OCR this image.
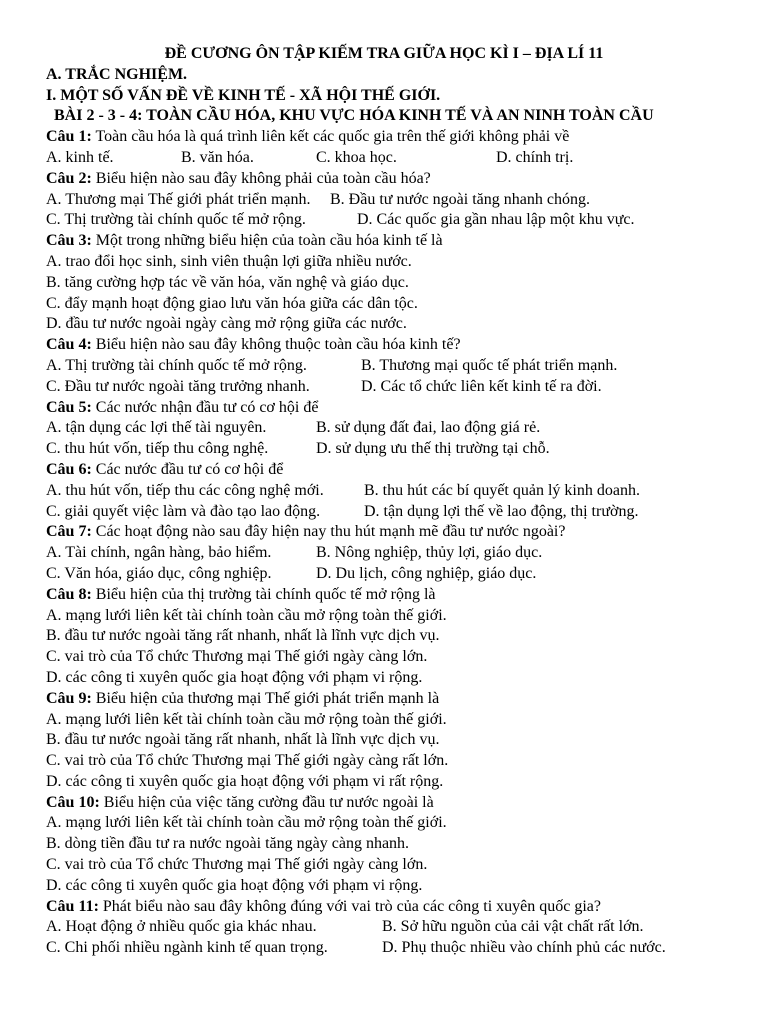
ĐỀ CƯƠNG ÔN TẬP KIẾM TRA GIỮA HỌC KÌ I – ĐỊA LÍ 11
A. TRẮC NGHIỆM.
I. MỘT SỐ VẤN ĐỀ VỀ KINH TẾ - XÃ HỘI THẾ GIỚI.
BÀI 2 - 3 - 4: TOÀN CẦU HÓA, KHU VỰC HÓA KINH TẾ VÀ AN NINH TOÀN CẦU
Câu 1: Toàn cầu hóa là quá trình liên kết các quốc gia trên thế giới không phải về
A. kinh tế.	B. văn hóa.	C. khoa học.	D. chính trị.
Câu 2: Biểu hiện nào sau đây không phải của toàn cầu hóa?
A. Thương mại Thế giới phát triển mạnh.	B. Đầu tư nước ngoài tăng nhanh chóng.
C. Thị trường tài chính quốc tế mở rộng.	D. Các quốc gia gần nhau lập một khu vực.
Câu 3: Một trong những biểu hiện của toàn cầu hóa kinh tế là
A. trao đổi học sinh, sinh viên thuận lợi giữa nhiều nước.
B. tăng cường hợp tác về văn hóa, văn nghệ và giáo dục.
C. đẩy mạnh hoạt động giao lưu văn hóa giữa các dân tộc.
D. đầu tư nước ngoài ngày càng mở rộng giữa các nước.
Câu 4: Biểu hiện nào sau đây không thuộc toàn cầu hóa kinh tế?
A. Thị trường tài chính quốc tế mở rộng.	B. Thương mại quốc tế phát triển mạnh.
C. Đầu tư nước ngoài tăng trưởng nhanh.	D. Các tổ chức liên kết kinh tế ra đời.
Câu 5: Các nước nhận đầu tư có cơ hội để
A. tận dụng các lợi thế tài nguyên.	B. sử dụng đất đai, lao động giá rẻ.
C. thu hút vốn, tiếp thu công nghệ.	D. sử dụng ưu thế thị trường tại chỗ.
Câu 6: Các nước đầu tư có cơ hội để
A. thu hút vốn, tiếp thu các công nghệ mới.	B. thu hút các bí quyết quản lý kinh doanh.
C. giải quyết việc làm và đào tạo lao động.	D. tận dụng lợi thế về lao động, thị trường.
Câu 7: Các hoạt động nào sau đây hiện nay thu hút mạnh mẽ đầu tư nước ngoài?
A. Tài chính, ngân hàng, bảo hiểm.	B. Nông nghiệp, thủy lợi, giáo dục.
C. Văn hóa, giáo dục, công nghiệp.	D. Du lịch, công nghiệp, giáo dục.
Câu 8: Biểu hiện của thị trường tài chính quốc tế mở rộng là
A. mạng lưới liên kết tài chính toàn cầu mở rộng toàn thế giới.
B. đầu tư nước ngoài tăng rất nhanh, nhất là lĩnh vực dịch vụ.
C. vai trò của Tổ chức Thương mại Thế giới ngày càng lớn.
D. các công ti xuyên quốc gia hoạt động với phạm vi rộng.
Câu 9: Biểu hiện của thương mại Thế giới phát triển mạnh là
A. mạng lưới liên kết tài chính toàn cầu mở rộng toàn thế giới.
B. đầu tư nước ngoài tăng rất nhanh, nhất là lĩnh vực dịch vụ.
C. vai trò của Tổ chức Thương mại Thế giới ngày càng rất lớn.
D. các công ti xuyên quốc gia hoạt động với phạm vi rất rộng.
Câu 10: Biểu hiện của việc tăng cường đầu tư nước ngoài là
A. mạng lưới liên kết tài chính toàn cầu mở rộng toàn thế giới.
B. dòng tiền đầu tư ra nước ngoài tăng ngày càng nhanh.
C. vai trò của Tổ chức Thương mại Thế giới ngày càng lớn.
D. các công ti xuyên quốc gia hoạt động với phạm vi rộng.
Câu 11: Phát biểu nào sau đây không đúng với vai trò của các công ti xuyên quốc gia?
A. Hoạt động ở nhiều quốc gia khác nhau.	B. Sở hữu nguồn của cải vật chất rất lớn.
C. Chi phối nhiều ngành kinh tế quan trọng.	D. Phụ thuộc nhiều vào chính phủ các nước.
